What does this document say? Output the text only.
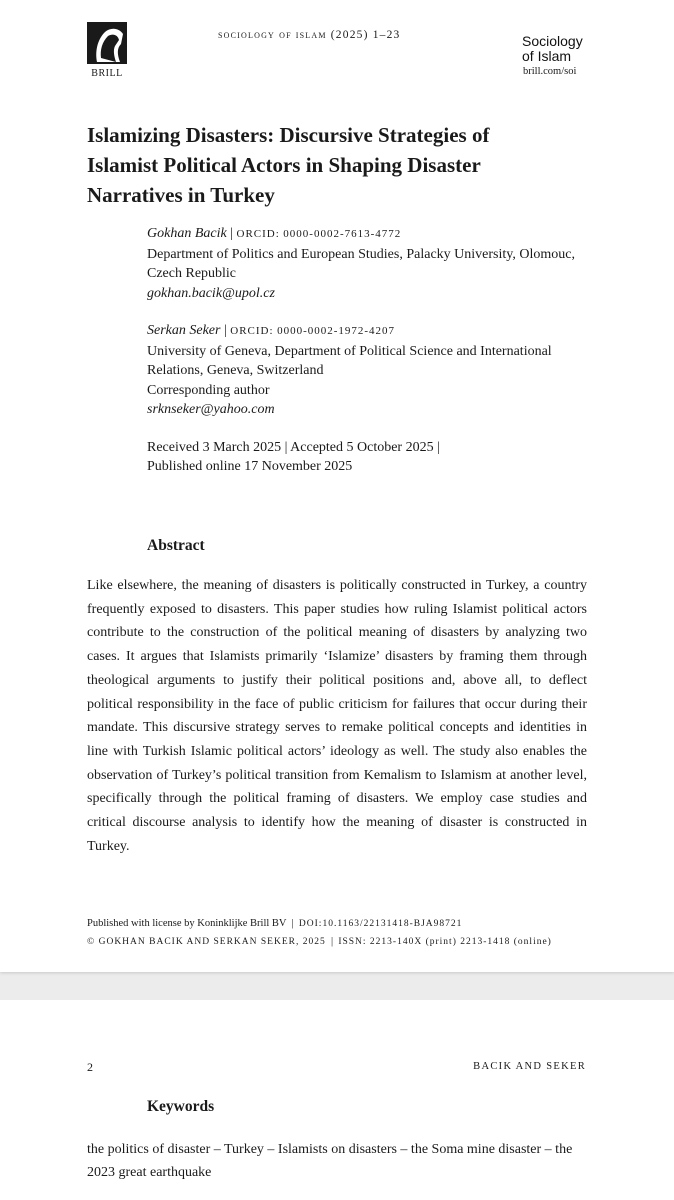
BRILL
sociology of islam (2025) 1–23	Sociology
of Islam
brill.com/soi
Islamizing Disasters: Discursive Strategies of Islamist Political Actors in Shaping Disaster Narratives in Turkey

Gokhan Bacik | ORCID: 0000-0002-7613-4772

Department of Politics and European Studies, Palacky University, Olomouc, Czech Republic

gokhan.bacik@upol.cz

Serkan Seker | ORCID: 0000-0002-1972-4207

University of Geneva, Department of Political Science and International Relations, Geneva, Switzerland

Corresponding author

srknseker@yahoo.com

Received 3 March 2025 | Accepted 5 October 2025 |

Published online 17 November 2025

Abstract

Like elsewhere, the meaning of disasters is politically constructed in Turkey, a country frequently exposed to disasters. This paper studies how ruling Islamist political actors contribute to the construction of the political meaning of disasters by analyzing two cases. It argues that Islamists primarily ‘Islamize’ disasters by framing them through theological arguments to justify their political positions and, above all, to deflect political responsibility in the face of public criticism for failures that occur during their mandate. This discursive strategy serves to remake political concepts and identities in line with Turkish Islamic political actors’ ideology as well. The study also enables the observation of Turkey’s political transition from Kemalism to Islamism at another level, specifically through the political framing of disasters. We employ case studies and critical discourse analysis to identify how the meaning of disaster is constructed in Turkey.

Published with license by Koninklijke Brill BV  |  DOI:10.1163/22131418-BJA98721
© GOKHAN BACIK AND SERKAN SEKER, 2025  |  ISSN: 2213-140X (print) 2213-1418 (online)
2	BACIK AND SEKER
Keywords

the politics of disaster – Turkey – Islamists on disasters – the Soma mine disaster – the 2023 great earthquake
